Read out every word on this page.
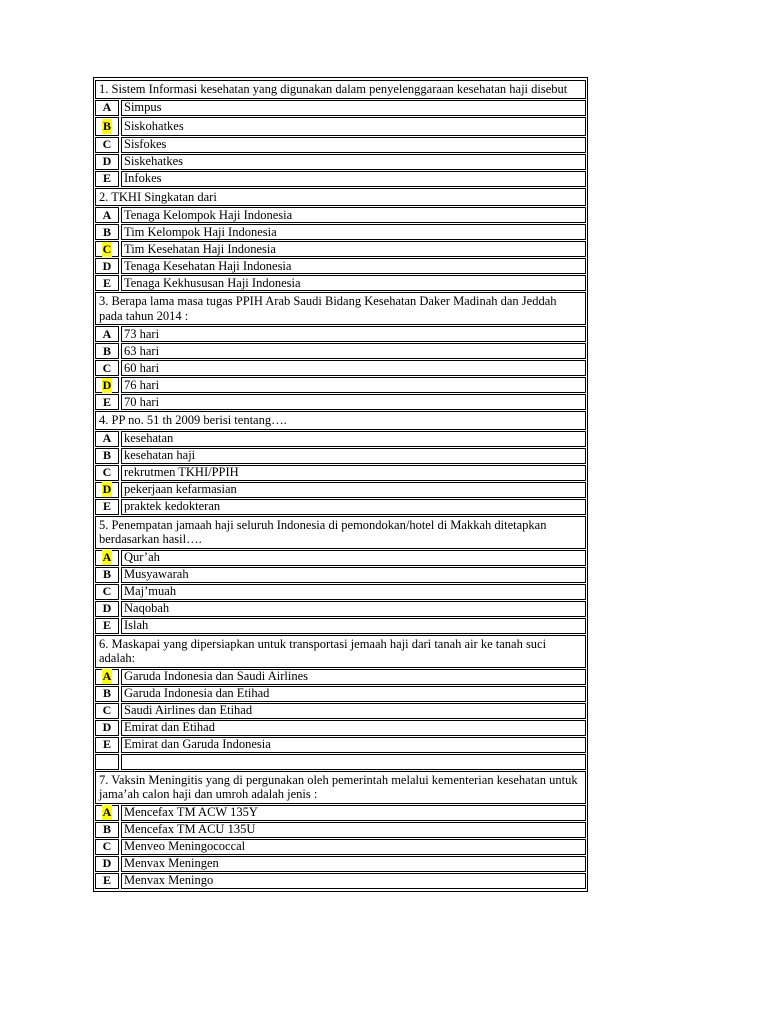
1. Sistem Informasi kesehatan yang digunakan dalam penyelenggaraan kesehatan haji disebut
A Simpus
B Siskohatkes
C Sisfokes
D Siskehatkes
E Infokes
2. TKHI Singkatan dari
A Tenaga Kelompok Haji Indonesia
B Tim Kelompok Haji Indonesia
C Tim Kesehatan Haji Indonesia
D Tenaga Kesehatan Haji Indonesia
E Tenaga Kekhususan Haji Indonesia
3. Berapa lama masa tugas PPIH Arab Saudi Bidang Kesehatan Daker Madinah dan Jeddah pada tahun 2014 :
A 73 hari
B 63 hari
C 60 hari
D 76 hari
E 70 hari
4. PP no. 51 th 2009 berisi tentang….
A kesehatan
B kesehatan haji
C rekrutmen TKHI/PPIH
D pekerjaan kefarmasian
E praktek kedokteran
5. Penempatan jamaah haji seluruh Indonesia di pemondokan/hotel di Makkah ditetapkan berdasarkan hasil….
A Qur’ah
B Musyawarah
C Maj’muah
D Naqobah
E Islah
6. Maskapai yang dipersiapkan untuk transportasi jemaah haji dari tanah air ke tanah suci adalah:
A Garuda Indonesia dan Saudi Airlines
B Garuda Indonesia dan Etihad
C Saudi Airlines dan Etihad
D Emirat dan Etihad
E Emirat dan Garuda Indonesia
7. Vaksin Meningitis yang di pergunakan oleh pemerintah melalui kementerian kesehatan untuk jama’ah calon haji dan umroh adalah jenis :
A Mencefax TM ACW 135Y
B Mencefax TM ACU 135U
C Menveo Meningococcal
D Menvax Meningen
E Menvax Meningo
